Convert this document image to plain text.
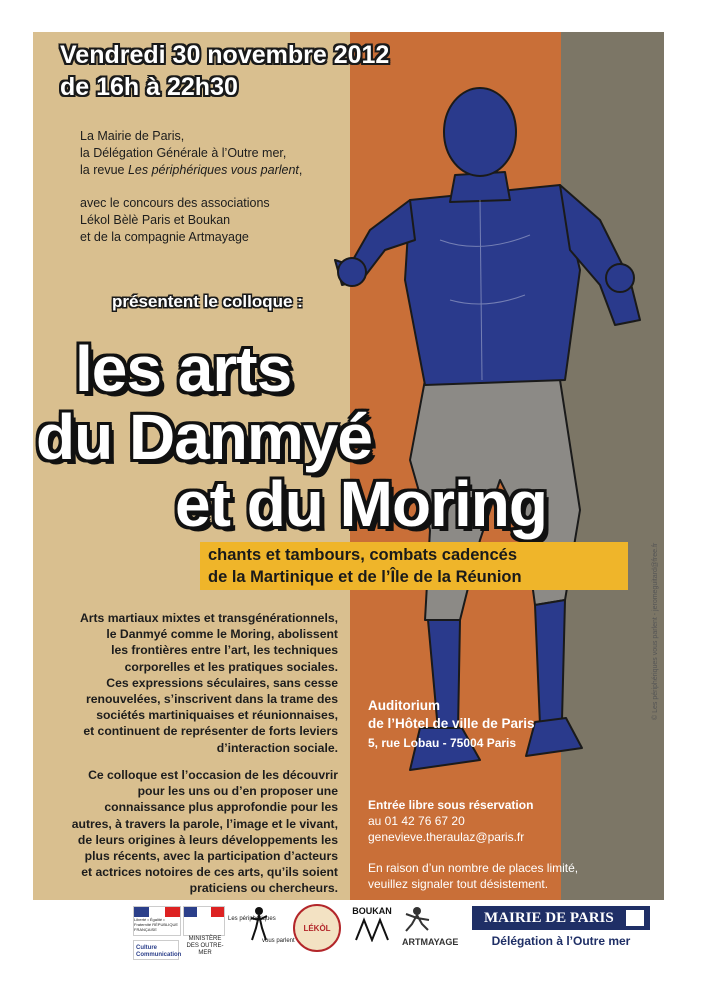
Vendredi 30 novembre 2012
de 16h à 22h30
La Mairie de Paris,
la Délégation Générale à l’Outre mer,
la revue Les périphériques vous parlent,
avec le concours des associations
Lékol Bèlè Paris et Boukan
et de la compagnie Artmayage
présentent le colloque :
les arts
du Danmyé
et du Moring
chants et tambours, combats cadencés
de la Martinique et de l’Île de la Réunion
Arts martiaux mixtes et transgénérationnels,
le Danmyé comme le Moring, abolissent
les frontières entre l’art, les techniques
corporelles et les pratiques sociales.
Ces expressions séculaires, sans cesse
renouvelées, s’inscrivent dans la trame des
sociétés martiniquaises et réunionnaises,
et continuent de représenter de forts leviers
d’interaction sociale.
Ce colloque est l’occasion de les découvrir
pour les uns ou d’en proposer une
connaissance plus approfondie pour les
autres, à travers la parole, l’image et le vivant,
de leurs origines à leurs développements les
plus récents, avec la participation d’acteurs
et actrices notoires de ces arts, qu’ils soient
praticiens ou chercheurs.
Auditorium
de l’Hôtel de ville de Paris
5, rue Lobau - 75004 Paris
Entrée libre sous réservation
au 01 42 76 67 20
genevieve.theraulaz@paris.fr
En raison d’un nombre de places limité,
veuillez signaler tout désistement.
© Les périphériques vous parlent - jeromeguitard@free.fr
Liberté • Égalité • Fraternité RÉPUBLIQUE FRANÇAISE
MINISTÈRE DES OUTRE-MER
Culture Communication
Les périphériques
vous parlent
LÉKÒL
BOUKAN
ARTMAYAGE
MAIRIE DE PARIS
Délégation à l’Outre mer
